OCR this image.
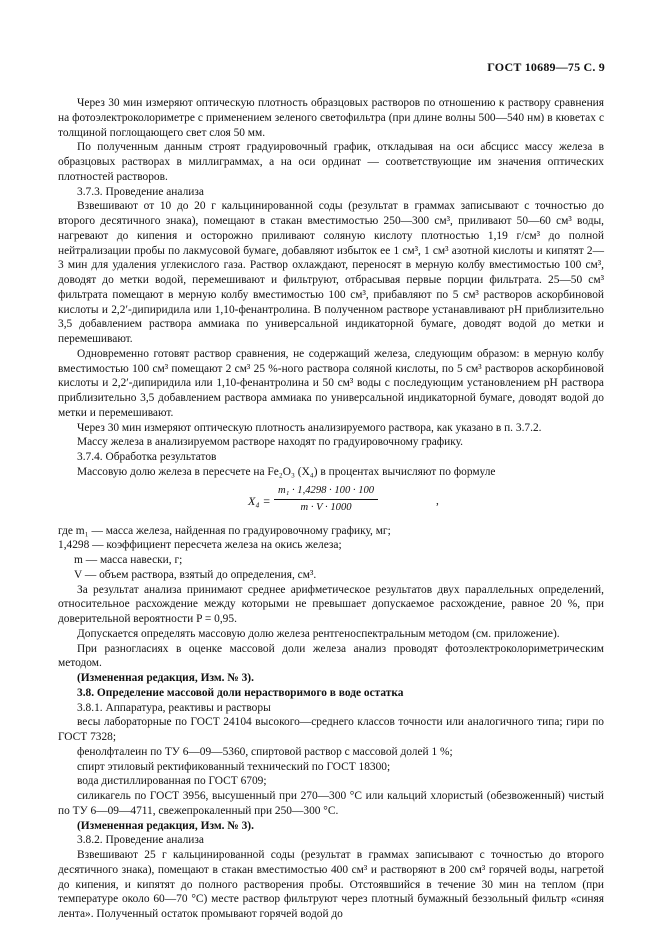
ГОСТ 10689—75 С. 9

Через 30 мин измеряют оптическую плотность образцовых растворов по отношению к раствору сравнения на фотоэлектроколориметре с применением зеленого светофильтра (при длине волны 500—540 нм) в кюветах с толщиной поглощающего свет слоя 50 мм.

По полученным данным строят градуировочный график, откладывая на оси абсцисс массу железа в образцовых растворах в миллиграммах, а на оси ординат — соответствующие им значения оптических плотностей растворов.

3.7.3. Проведение анализа

Взвешивают от 10 до 20 г кальцинированной соды (результат в граммах записывают с точностью до второго десятичного знака), помещают в стакан вместимостью 250—300 см³, приливают 50—60 см³ воды, нагревают до кипения и осторожно приливают соляную кислоту плотностью 1,19 г/см³ до полной нейтрализации пробы по лакмусовой бумаге, добавляют избыток ее 1 см³, 1 см³ азотной кислоты и кипятят 2—3 мин для удаления углекислого газа. Раствор охлаждают, переносят в мерную колбу вместимостью 100 см³, доводят до метки водой, перемешивают и фильтруют, отбрасывая первые порции фильтрата. 25—50 см³ фильтрата помещают в мерную колбу вместимостью 100 см³, прибавляют по 5 см³ растворов аскорбиновой кислоты и 2,2′-дипиридила или 1,10-фенантролина. В полученном растворе устанавливают pH приблизительно 3,5 добавлением раствора аммиака по универсальной индикаторной бумаге, доводят водой до метки и перемешивают.

Одновременно готовят раствор сравнения, не содержащий железа, следующим образом: в мерную колбу вместимостью 100 см³ помещают 2 см³ 25 %-ного раствора соляной кислоты, по 5 см³ растворов аскорбиновой кислоты и 2,2′-дипиридила или 1,10-фенантролина и 50 см³ воды с последующим установлением pH раствора приблизительно 3,5 добавлением раствора аммиака по универсальной индикаторной бумаге, доводят водой до метки и перемешивают.

Через 30 мин измеряют оптическую плотность анализируемого раствора, как указано в п. 3.7.2.

Массу железа в анализируемом растворе находят по градуировочному графику.

3.7.4. Обработка результатов

Массовую долю железа в пересчете на Fe₂O₃ (X₄) в процентах вычисляют по формуле

$X_4 = \frac{\text{m₁ · 1,4298 · 100 · 100}}{m \cdot V \cdot 1000}$	,

где m₁ — масса железа, найденная по градуировочному графику, мг;

1,4298 — коэффициент пересчета железа на окись железа;

m — масса навески, г;

V — объем раствора, взятый до определения, см³.

За результат анализа принимают среднее арифметическое результатов двух параллельных определений, относительное расхождение между которыми не превышает допускаемое расхождение, равное 20 %, при доверительной вероятности P = 0,95.

Допускается определять массовую долю железа рентгеноспектральным методом (см. приложение).

При разногласиях в оценке массовой доли железа анализ проводят фотоэлектроколориметрическим методом.

(Измененная редакция, Изм. № 3).

3.8. Определение массовой доли нерастворимого в воде остатка

3.8.1. Аппаратура, реактивы и растворы

весы лабораторные по ГОСТ 24104 высокого—среднего классов точности или аналогичного типа; гири по ГОСТ 7328;

фенолфталеин по ТУ 6—09—5360, спиртовой раствор с массовой долей 1 %;

спирт этиловый ректификованный технический по ГОСТ 18300;

вода дистиллированная по ГОСТ 6709;

силикагель по ГОСТ 3956, высушенный при 270—300 °С или кальций хлористый (обезвоженный) чистый по ТУ 6—09—4711, свежепрокаленный при 250—300 °С.

(Измененная редакция, Изм. № 3).

3.8.2. Проведение анализа

Взвешивают 25 г кальцинированной соды (результат в граммах записывают с точностью до второго десятичного знака), помещают в стакан вместимостью 400 см³ и растворяют в 200 см³ горячей воды, нагретой до кипения, и кипятят до полного растворения пробы. Отстоявшийся в течение 30 мин на теплом (при температуре около 60—70 °С) месте раствор фильтруют через плотный бумажный беззольный фильтр «синяя лента». Полученный остаток промывают горячей водой до
